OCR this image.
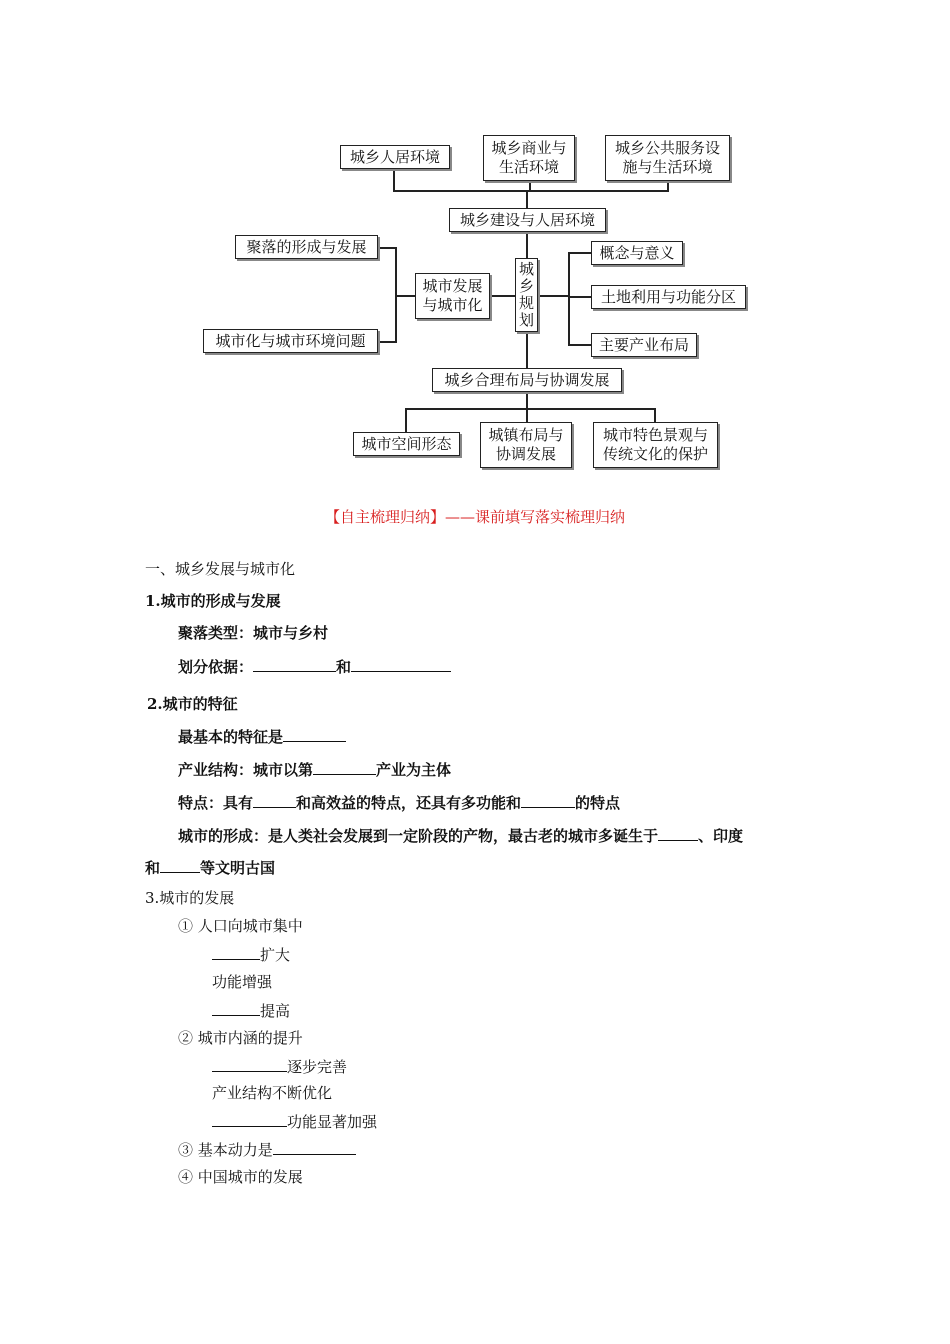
城乡人居环境	城乡商业与
生活环境
城乡公共服务设
施与生活环境
城乡建设与人居环境
聚落的形成与发展
城市化与城市环境问题
城市发展
与城市化
城
乡
规
划
概念与意义
土地利用与功能分区
主要产业布局
城乡合理布局与协调发展
城市空间形态	城镇布局与
协调发展
城市特色景观与
传统文化的保护
【自主梳理归纳】——课前填写落实梳理归纳
一、城乡发展与城市化
1.城市的形成与发展
聚落类型：城市与乡村
划分依据：	和
2.城市的特征
最基本的特征是
产业结构：城市以第	产业为主体
特点：具有	和高效益的特点，还具有多功能和	的特点
城市的形成：是人类社会发展到一定阶段的产物，最古老的城市多诞生于	、印度
和	等文明古国
3.城市的发展
① 人口向城市集中
扩大
功能增强
提高
② 城市内涵的提升
逐步完善
产业结构不断优化
功能显著加强
③ 基本动力是
④ 中国城市的发展
